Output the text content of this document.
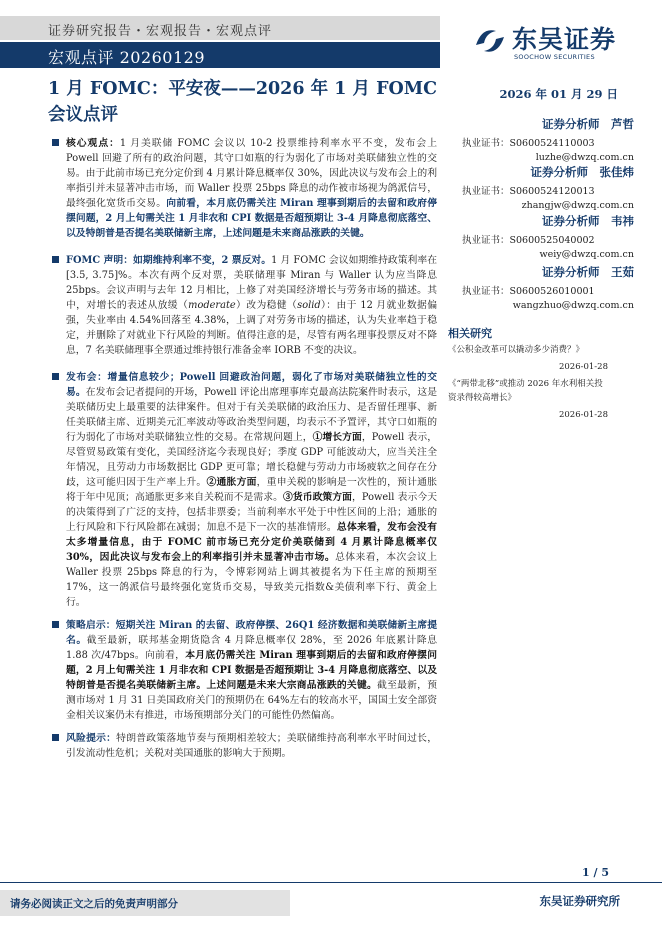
证券研究报告・宏观报告・宏观点评
宏观点评 20260129
东吴证券
SOOCHOW SECURITIES
1 月 FOMC：平安夜——2026 年 1 月 FOMC 会议点评
2026 年 01 月 29 日
证券分析师　芦哲
执业证书：S0600524110003
luzhe@dwzq.com.cn
证券分析师　张佳炜
执业证书：S0600524120013
zhangjw@dwzq.com.cn
证券分析师　韦祎
执业证书：S0600525040002
weiy@dwzq.com.cn
证券分析师　王茹
执业证书：S0600526010001
wangzhuo@dwzq.com.cn
相关研究
《公积金改革可以撬动多少消费？》
2026-01-28
《“两带北移”或推动 2026 年水利相关投资录得较高增长》
2026-01-28
核心观点：1 月美联储 FOMC 会议以 10-2 投票维持利率水平不变，发布会上 Powell 回避了所有的政治问题，其守口如瓶的行为弱化了市场对美联储独立性的交易。由于此前市场已充分定价到 4 月累计降息概率仅 30%，因此决议与发布会上的利率指引并未显著冲击市场，而 Waller 投票 25bps 降息的动作被市场视为鸽派信号，最终强化宽货币交易。向前看，本月底仍需关注 Miran 理事到期后的去留和政府停摆问题，2 月上旬需关注 1 月非农和 CPI 数据是否超预期让 3-4 月降息彻底落空、以及特朗普是否提名美联储新主席，上述问题是未来商品涨跌的关键。
FOMC 声明：如期维持利率不变，2 票反对。1 月 FOMC 会议如期维持政策利率在[3.5, 3.75]%。本次有两个反对票，美联储理事 Miran 与 Waller 认为应当降息 25bps。会议声明与去年 12 月相比，上修了对美国经济增长与劳务市场的描述。其中，对增长的表述从放缓（moderate）改为稳健（solid）：由于 12 月就业数据偏强，失业率由 4.54%回落至 4.38%，上调了对劳务市场的描述，认为失业率趋于稳定，并删除了对就业下行风险的判断。值得注意的是，尽管有两名理事投票反对不降息，7 名美联储理事全票通过维持银行准备金率 IORB 不变的决议。
发布会：增量信息较少；Powell 回避政治问题，弱化了市场对美联储独立性的交易。在发布会记者提问的开场，Powell 评论出席理事库克最高法院案件时表示，这是美联储历史上最重要的法律案件。但对于有关美联储的政治压力、是否留任理事、新任美联储主席、近期美元汇率波动等政治类型问题，均表示不予置评，其守口如瓶的行为弱化了市场对美联储独立性的交易。在常规问题上，①增长方面，Powell 表示，尽管贸易政策有变化，美国经济迄今表现良好；季度 GDP 可能波动大，应当关注全年情况，且劳动力市场数据比 GDP 更可靠；增长稳健与劳动力市场疲软之间存在分歧，这可能归因于生产率上升。②通胀方面，重申关税的影响是一次性的，预计通胀将于年中见顶；高通胀更多来自关税而不是需求。③货币政策方面，Powell 表示今天的决策得到了广泛的支持，包括非票委；当前利率水平处于中性区间的上沿；通胀的上行风险和下行风险都在减弱；加息不是下一次的基准情形。总体来看，发布会没有太多增量信息，由于 FOMC 前市场已充分定价美联储到 4 月累计降息概率仅 30%，因此决议与发布会上的利率指引并未显著冲击市场。总体来看，本次会议上 Waller 投票 25bps 降息的行为，令博彩网站上调其被提名为下任主席的预期至 17%，这一鸽派信号最终强化宽货币交易，导致美元指数&美债利率下行、黄金上行。
策略启示：短期关注 Miran 的去留、政府停摆、26Q1 经济数据和美联储新主席提名。截至最新，联邦基金期货隐含 4 月降息概率仅 28%，至 2026 年底累计降息 1.88 次/47bps。向前看，本月底仍需关注 Miran 理事到期后的去留和政府停摆问题，2 月上旬需关注 1 月非农和 CPI 数据是否超预期让 3-4 月降息彻底落空、以及特朗普是否提名美联储新主席。上述问题是未来大宗商品涨跌的关键。截至最新，预测市场对 1 月 31 日美国政府关门的预期仍在 64%左右的较高水平，国国土安全部资金相关议案仍未有推进，市场预期部分关门的可能性仍然偏高。
风险提示：特朗普政策落地节奏与预期相差较大；美联储维持高利率水平时间过长，引发流动性危机；关税对美国通胀的影响大于预期。
1 / 5
请务必阅读正文之后的免责声明部分	东吴证券研究所
